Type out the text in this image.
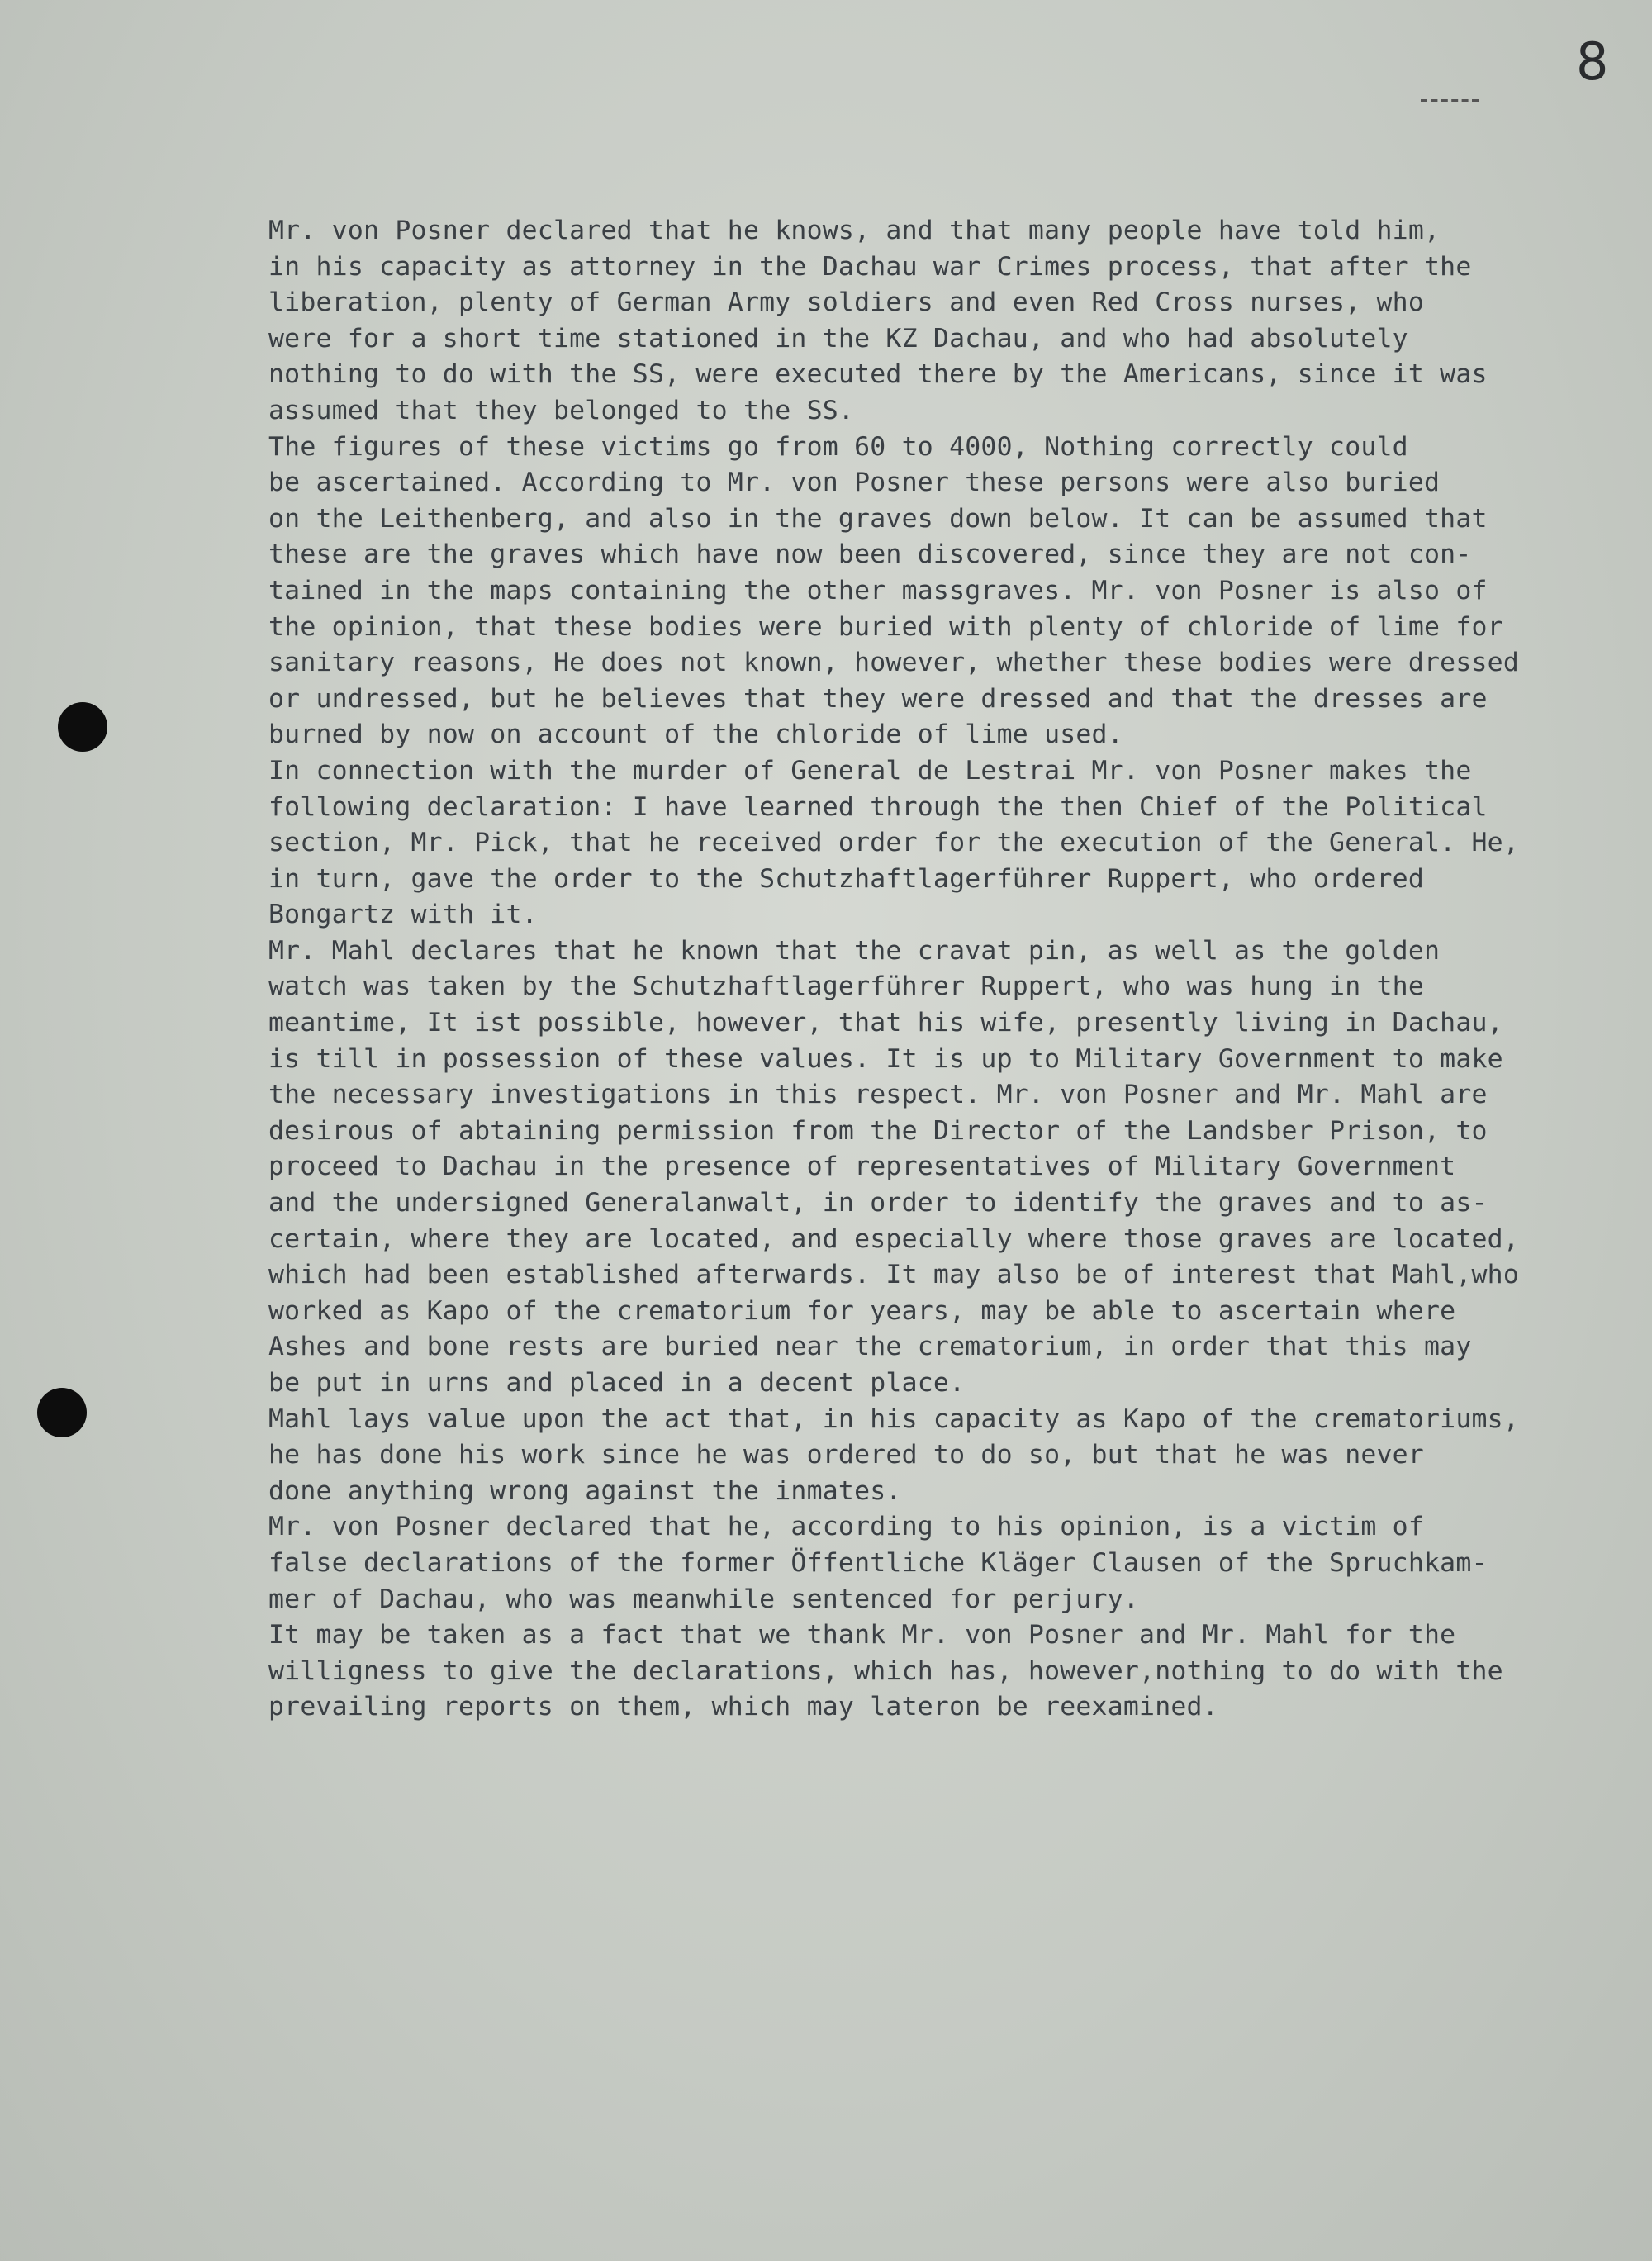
8
Mr. von Posner declared that he knows, and that many people have told him,
in his capacity as attorney in the Dachau war Crimes process, that after the
liberation, plenty of German Army soldiers and even Red Cross nurses, who
were for a short time stationed in the KZ Dachau, and who had absolutely
nothing to do with the SS, were executed there by the Americans, since it was
assumed that they belonged to the SS.
The figures of these victims go from 60 to 4000, Nothing correctly could
be ascertained. According to Mr. von Posner these persons were also buried
on the Leithenberg, and also in the graves down below. It can be assumed that
these are the graves which have now been discovered, since they are not con-
tained in the maps containing the other massgraves. Mr. von Posner is also of
the opinion, that these bodies were buried with plenty of chloride of lime for
sanitary reasons, He does not known, however, whether these bodies were dressed
or undressed, but he believes that they were dressed and that the dresses are
burned by now on account of the chloride of lime used.
In connection with the murder of General de Lestrai Mr. von Posner makes the
following declaration: I have learned through the then Chief of the Political
section, Mr. Pick, that he received order for the execution of the General. He,
in turn, gave the order to the Schutzhaftlagerführer Ruppert, who ordered
Bongartz with it.
Mr. Mahl declares that he known that the cravat pin, as well as the golden
watch was taken by the Schutzhaftlagerführer Ruppert, who was hung in the
meantime, It ist possible, however, that his wife, presently living in Dachau,
is till in possession of these values. It is up to Military Government to make
the necessary investigations in this respect. Mr. von Posner and Mr. Mahl are
desirous of abtaining permission from the Director of the Landsber Prison, to
proceed to Dachau in the presence of representatives of Military Government
and the undersigned Generalanwalt, in order to identify the graves and to as-
certain, where they are located, and especially where those graves are located,
which had been established afterwards. It may also be of interest that Mahl,who
worked as Kapo of the crematorium for years, may be able to ascertain where
Ashes and bone rests are buried near the crematorium, in order that this may
be put in urns and placed in a decent place.
Mahl lays value upon the act that, in his capacity as Kapo of the crematoriums,
he has done his work since he was ordered to do so, but that he was never
done anything wrong against the inmates.
Mr. von Posner declared that he, according to his opinion, is a victim of
false declarations of the former Öffentliche Kläger Clausen of the Spruchkam-
mer of Dachau, who was meanwhile sentenced for perjury.
It may be taken as a fact that we thank Mr. von Posner and Mr. Mahl for the
willigness to give the declarations, which has, however,nothing to do with the
prevailing reports on them, which may lateron be reexamined.
